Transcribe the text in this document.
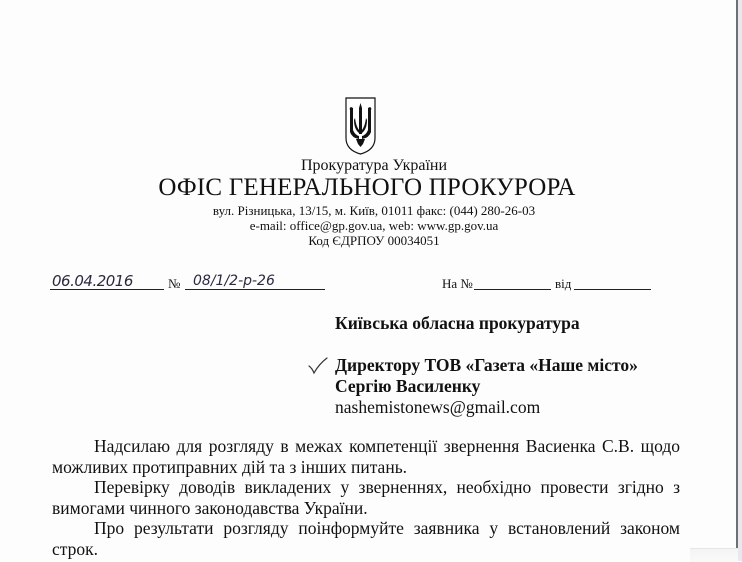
Прокуратура України
ОФІС ГЕНЕРАЛЬНОГО ПРОКУРОРА
вул. Різницька, 13/15, м. Київ, 01011 факс: (044) 280-26-03
e-mail: office@gp.gov.ua, web: www.gp.gov.ua
Код ЄДРПОУ 00034051
06.04.2016	№ 08/1/2-р-26	На №	від
Київська обласна прокуратура
Директору ТОВ «Газета «Наше місто»
Сергію Василенку
nashemistonews@gmail.com

Надсилаю для розгляду в межах компетенції звернення Васиенка С.В. щодо можливих протиправних дій та з інших питань.

Перевірку доводів викладених у зверненнях, необхідно провести згідно з вимогами чинного законодавства України.

Про результати розгляду поінформуйте заявника у встановлений законом строк.
